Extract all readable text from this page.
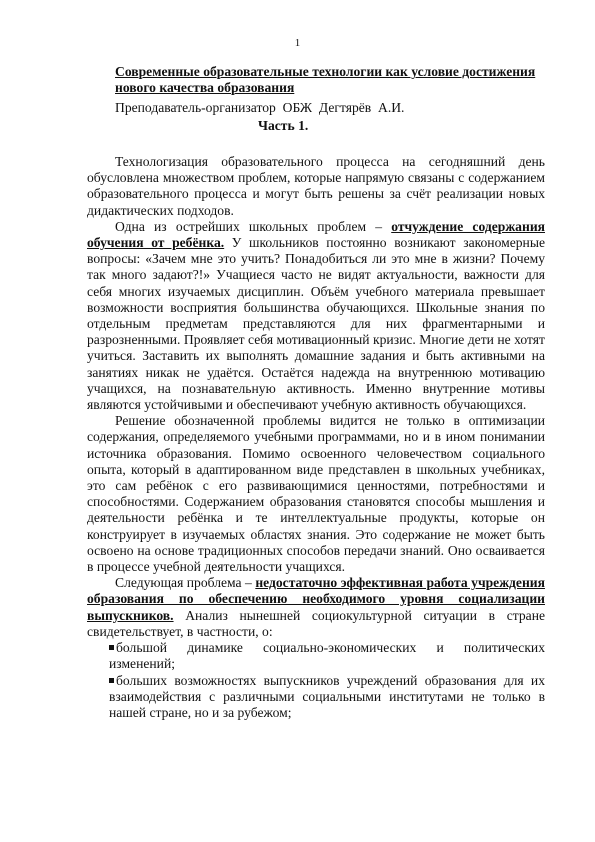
1
Современные образовательные технологии как условие достижения нового качества образования
Преподаватель-организатор  ОБЖ  Дегтярёв  А.И.
Часть 1.

Технологизация образовательного процесса на сегодняшний день обусловлена множеством проблем, которые напрямую связаны с содержанием образовательного процесса и могут быть решены за счёт реализации новых дидактических подходов.

Одна из острейших школьных проблем – отчуждение содержания обучения от ребёнка. У школьников постоянно возникают закономерные вопросы: «Зачем мне это учить? Понадобиться ли это мне в жизни? Почему так много задают?!» Учащиеся часто не видят актуальности, важности для себя многих изучаемых дисциплин. Объём учебного материала превышает возможности восприятия большинства обучающихся. Школьные знания по отдельным предметам представляются для них фрагментарными и разрозненными. Проявляет себя мотивационный кризис. Многие дети не хотят учиться. Заставить их выполнять домашние задания и быть активными на занятиях никак не удаётся. Остаётся надежда на внутреннюю мотивацию учащихся, на познавательную активность. Именно внутренние мотивы являются устойчивыми и обеспечивают учебную активность обучающихся.

Решение обозначенной проблемы видится не только в оптимизации содержания, определяемого учебными программами, но и в ином понимании источника образования. Помимо освоенного человечеством социального опыта, который в адаптированном виде представлен в школьных учебниках, это сам ребёнок с его развивающимися ценностями, потребностями и способностями. Содержанием образования становятся способы мышления и деятельности ребёнка и те интеллектуальные продукты, которые он конструирует в изучаемых областях знания. Это содержание не может быть освоено на основе традиционных способов передачи знаний. Оно осваивается в процессе учебной деятельности учащихся.

Следующая проблема – недостаточно эффективная работа учреждения образования по обеспечению необходимого уровня социализации выпускников. Анализ нынешней социокультурной ситуации в стране свидетельствует, в частности, о:

большой динамике социально-экономических и политических изменений;

больших возможностях выпускников учреждений образования для их взаимодействия с различными социальными институтами не только в нашей стране, но и за рубежом;
